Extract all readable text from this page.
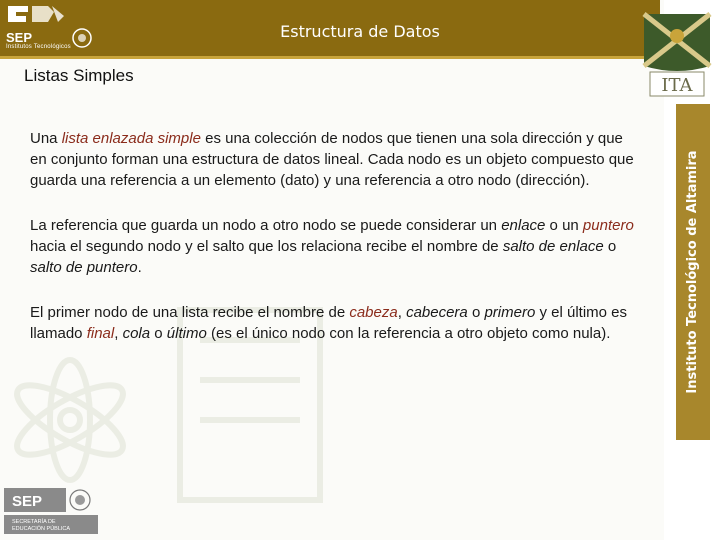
SEP
Institutos Tecnológicos
Estructura de Datos
Instituto Tecnológico de Altamira
ITA
Listas Simples

Una lista enlazada simple es una colección de nodos que tienen una sola dirección y que en conjunto forman una estructura de datos lineal. Cada nodo es un objeto compuesto que guarda una referencia a un elemento (dato) y una referencia a otro nodo (dirección).

La referencia que guarda un nodo a otro nodo se puede considerar un enlace o un puntero hacia el segundo nodo y el salto que los relaciona recibe el nombre de salto de enlace o salto de puntero.

El primer nodo de una lista recibe el nombre de cabeza, cabecera o primero y el último es llamado final, cola o último (es el único nodo con la referencia a otro objeto como nula).

SEP
SECRETARÍA DE
EDUCACIÓN PÚBLICA
